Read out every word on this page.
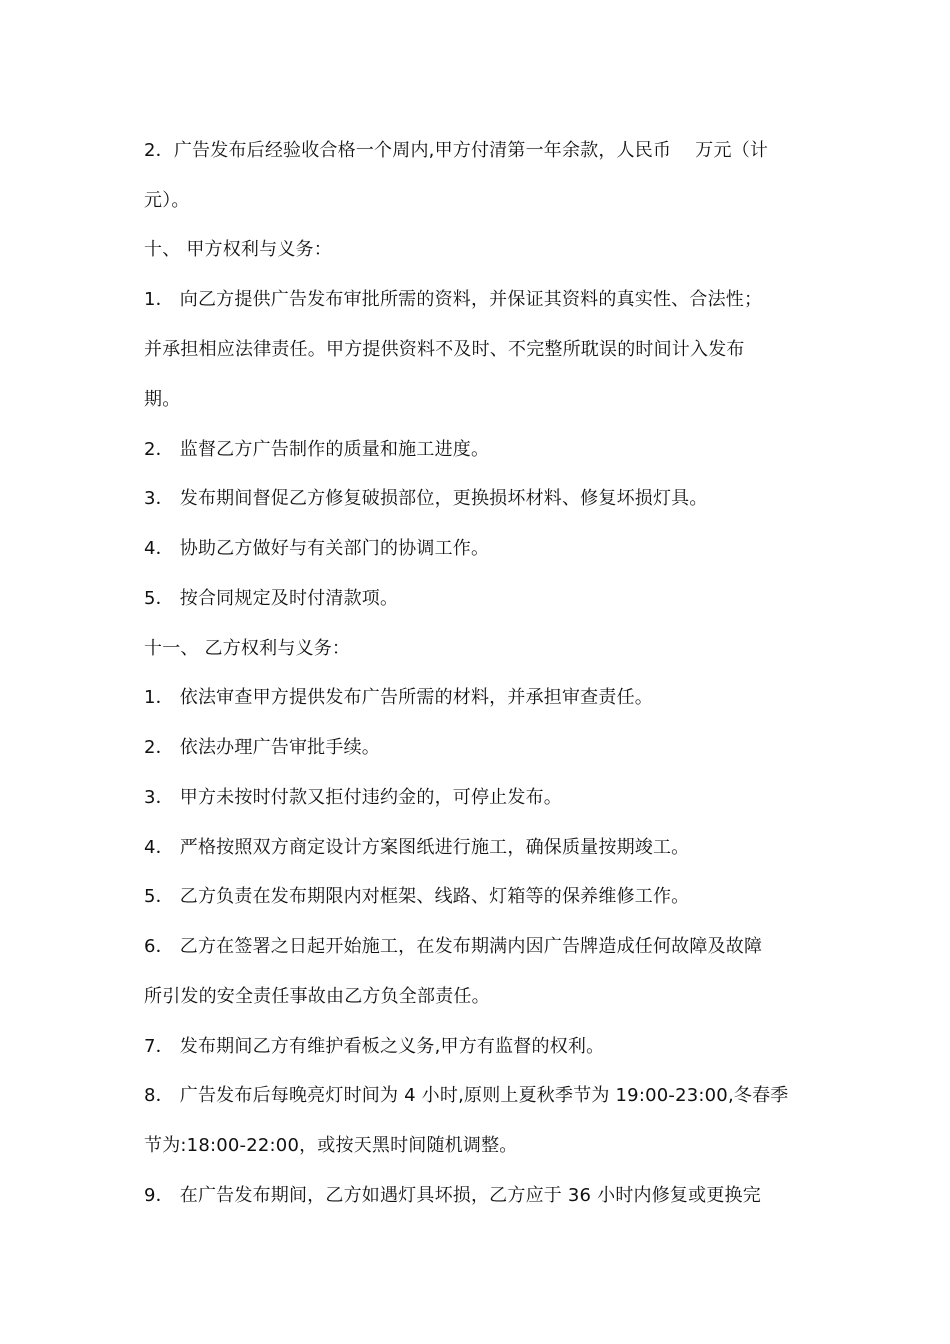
2．广告发布后经验收合格一个周内,甲方付清第一年余款，人民币　 万元（计
元）。
十、 甲方权利与义务：
1． 向乙方提供广告发布审批所需的资料，并保证其资料的真实性、合法性；
并承担相应法律责任。甲方提供资料不及时、不完整所耽误的时间计入发布
期。
2． 监督乙方广告制作的质量和施工进度。
3． 发布期间督促乙方修复破损部位，更换损坏材料、修复坏损灯具。
4． 协助乙方做好与有关部门的协调工作。
5． 按合同规定及时付清款项。
十一、 乙方权利与义务：
1． 依法审查甲方提供发布广告所需的材料，并承担审查责任。
2． 依法办理广告审批手续。
3． 甲方未按时付款又拒付违约金的，可停止发布。
4． 严格按照双方商定设计方案图纸进行施工，确保质量按期竣工。
5． 乙方负责在发布期限内对框架、线路、灯箱等的保养维修工作。
6． 乙方在签署之日起开始施工，在发布期满内因广告牌造成任何故障及故障
所引发的安全责任事故由乙方负全部责任。
7． 发布期间乙方有维护看板之义务,甲方有监督的权利。
8． 广告发布后每晚亮灯时间为 4 小时,原则上夏秋季节为 19:00-23:00,冬春季
节为:18:00-22:00，或按天黑时间随机调整。
9． 在广告发布期间，乙方如遇灯具坏损，乙方应于 36 小时内修复或更换完
